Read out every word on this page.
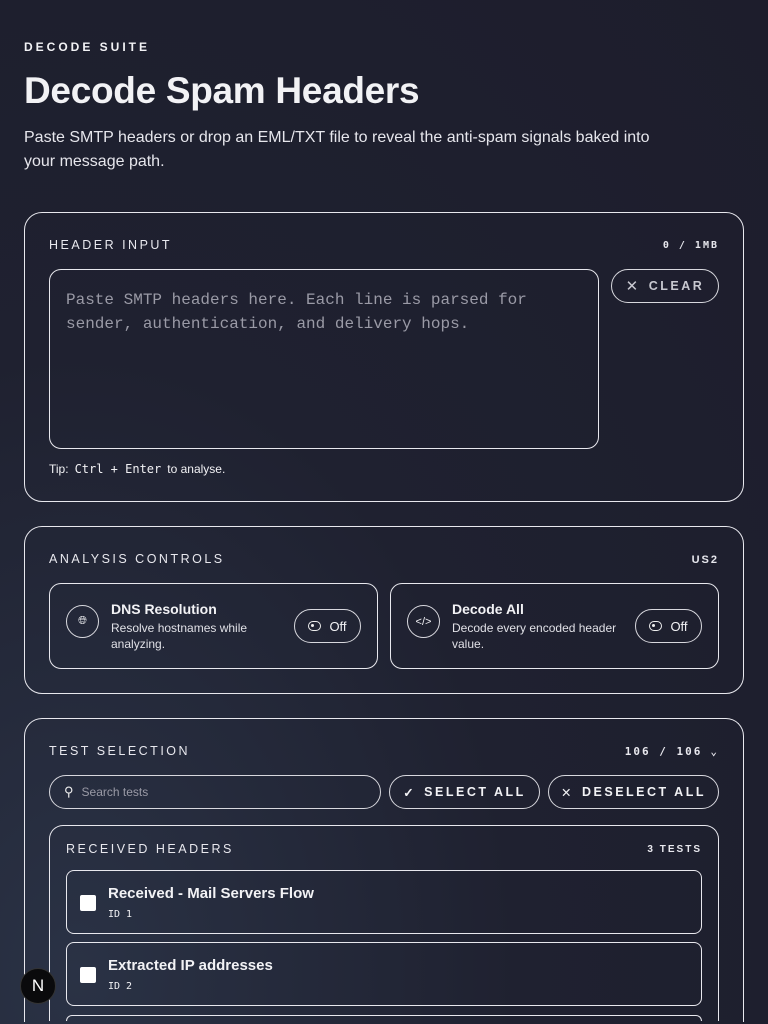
DECODE SUITE
Decode Spam Headers
Paste SMTP headers or drop an EML/TXT file to reveal the anti-spam signals baked into your message path.
HEADER INPUT	0 / 1MB
Paste SMTP headers here. Each line is parsed for sender, authentication, and delivery hops.
✕ CLEAR
Tip: Ctrl + Enter to analyse.
ANALYSIS CONTROLS	US2
🌐︎
DNS Resolution
Resolve hostnames while analyzing.
Off	</>
Decode All
Decode every encoded header value.
Off
TEST SELECTION	106 / 106 ⌄
⚲ Search tests	✓ SELECT ALL	✕ DESELECT ALL
RECEIVED HEADERS	3 TESTS
Received - Mail Servers Flow
ID 1
Extracted IP addresses
ID 2
N
